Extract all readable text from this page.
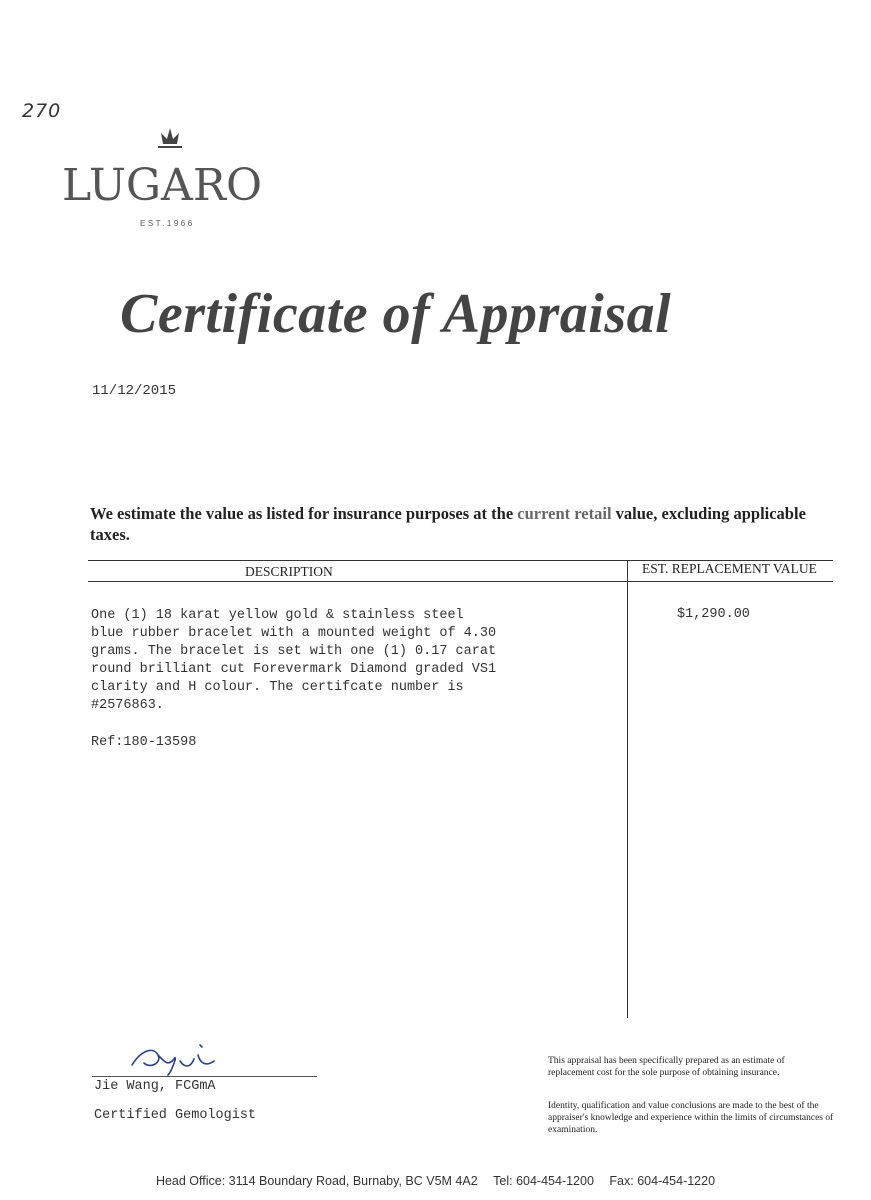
270
LUGARO
EST.1966
Certificate of Appraisal
11/12/2015
We estimate the value as listed for insurance purposes at the current retail value, excluding applicable taxes.
DESCRIPTION	EST. REPLACEMENT VALUE
One (1) 18 karat yellow gold & stainless steel
blue rubber bracelet with a mounted weight of 4.30
grams. The bracelet is set with one (1) 0.17 carat
round brilliant cut Forevermark Diamond graded VS1
clarity and H colour. The certifcate number is
#2576863.
Ref:180-13598
$1,290.00
Jie Wang, FCGmA
Certified Gemologist
This appraisal has been specifically prepared as an estimate of replacement cost for the sole purpose of obtaining insurance.
Identity, qualification and value conclusions are made to the best of the appraiser's knowledge and experience within the limits of circumstances of examination.
Head Office: 3114 Boundary Road, Burnaby, BC V5M 4A2 Tel: 604-454-1200 Fax: 604-454-1220
